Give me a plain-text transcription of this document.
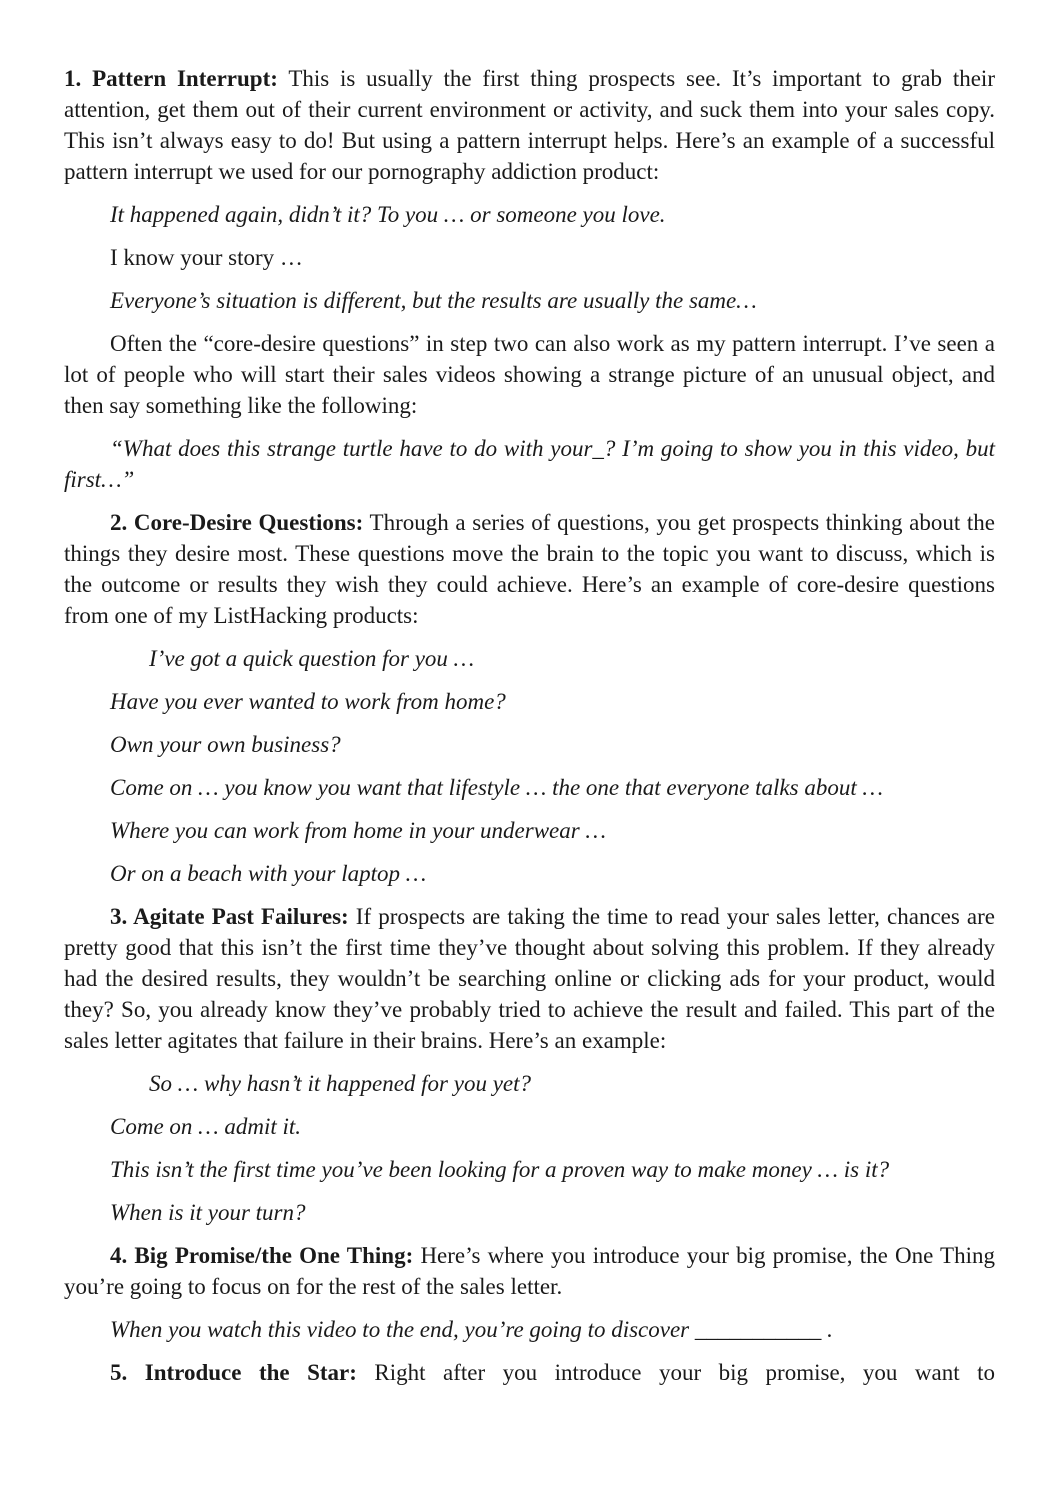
1. Pattern Interrupt: This is usually the first thing prospects see. It’s important to grab their attention, get them out of their current environment or activity, and suck them into your sales copy. This isn’t always easy to do! But using a pattern interrupt helps. Here’s an example of a successful pattern interrupt we used for our pornography addiction product:

It happened again, didn’t it? To you … or someone you love.

I know your story …

Everyone’s situation is different, but the results are usually the same…

Often the “core-desire questions” in step two can also work as my pattern interrupt. I’ve seen a lot of people who will start their sales videos showing a strange picture of an unusual object, and then say something like the following:

“What does this strange turtle have to do with your_? I’m going to show you in this video, but first…”

2. Core-Desire Questions: Through a series of questions, you get prospects thinking about the things they desire most. These questions move the brain to the topic you want to discuss, which is the outcome or results they wish they could achieve. Here’s an example of core-desire questions from one of my ListHacking products:

I’ve got a quick question for you …

Have you ever wanted to work from home?

Own your own business?

Come on … you know you want that lifestyle … the one that everyone talks about …

Where you can work from home in your underwear …

Or on a beach with your laptop …

3. Agitate Past Failures: If prospects are taking the time to read your sales letter, chances are pretty good that this isn’t the first time they’ve thought about solving this problem. If they already had the desired results, they wouldn’t be searching online or clicking ads for your product, would they? So, you already know they’ve probably tried to achieve the result and failed. This part of the sales letter agitates that failure in their brains. Here’s an example:

So … why hasn’t it happened for you yet?

Come on … admit it.

This isn’t the first time you’ve been looking for a proven way to make money … is it?

When is it your turn?

4. Big Promise/the One Thing: Here’s where you introduce your big promise, the One Thing you’re going to focus on for the rest of the sales letter.

When you watch this video to the end, you’re going to discover ___________ .

5. Introduce the Star: Right after you introduce your big promise, you want to
